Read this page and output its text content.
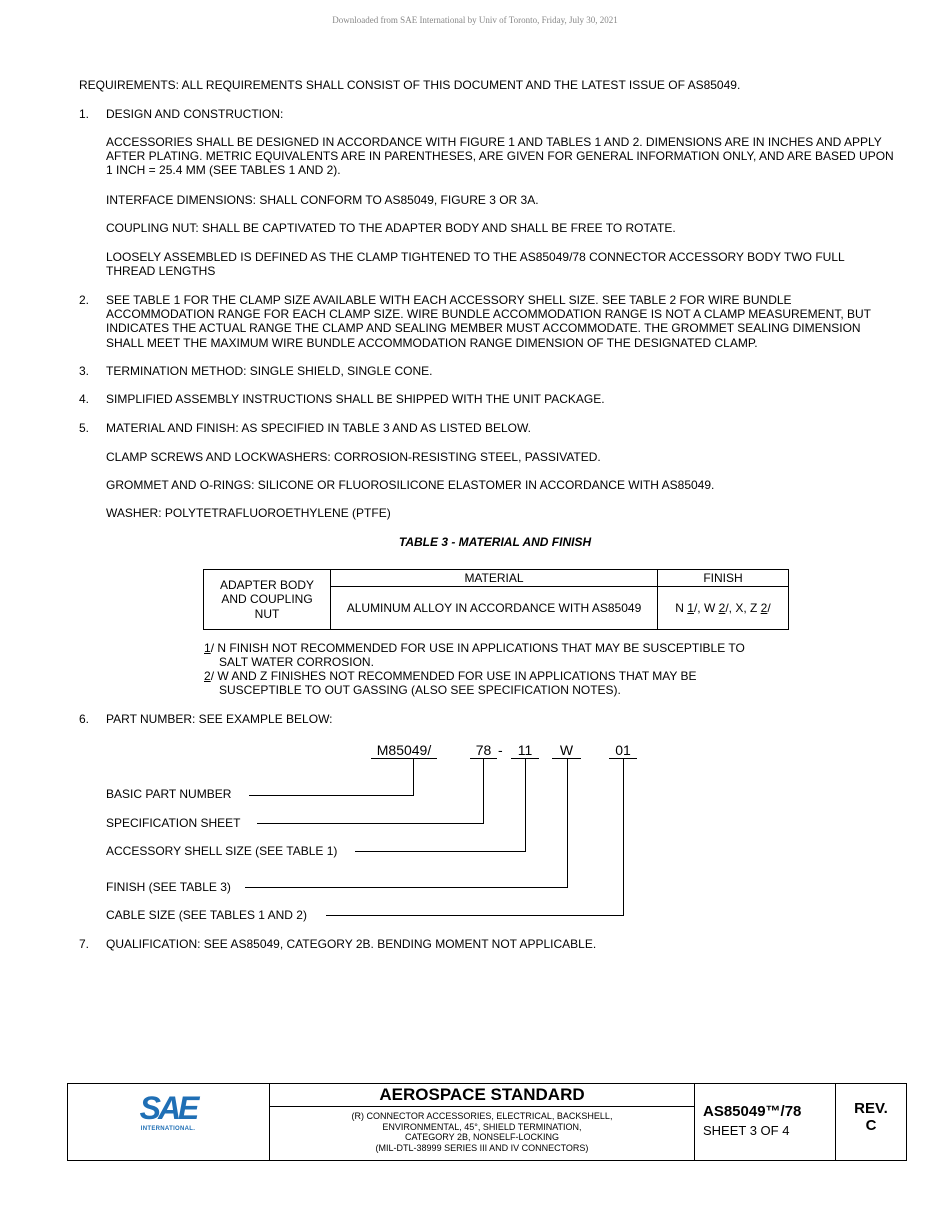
Downloaded from SAE International by Univ of Toronto, Friday, July 30, 2021
REQUIREMENTS: ALL REQUIREMENTS SHALL CONSIST OF THIS DOCUMENT AND THE LATEST ISSUE OF AS85049.
1. DESIGN AND CONSTRUCTION:
ACCESSORIES SHALL BE DESIGNED IN ACCORDANCE WITH FIGURE 1 AND TABLES 1 AND 2. DIMENSIONS ARE IN INCHES AND APPLY AFTER PLATING. METRIC EQUIVALENTS ARE IN PARENTHESES, ARE GIVEN FOR GENERAL INFORMATION ONLY, AND ARE BASED UPON 1 INCH = 25.4 MM (SEE TABLES 1 AND 2).
INTERFACE DIMENSIONS: SHALL CONFORM TO AS85049, FIGURE 3 OR 3A.
COUPLING NUT: SHALL BE CAPTIVATED TO THE ADAPTER BODY AND SHALL BE FREE TO ROTATE.
LOOSELY ASSEMBLED IS DEFINED AS THE CLAMP TIGHTENED TO THE AS85049/78 CONNECTOR ACCESSORY BODY TWO FULL THREAD LENGTHS
2. SEE TABLE 1 FOR THE CLAMP SIZE AVAILABLE WITH EACH ACCESSORY SHELL SIZE. SEE TABLE 2 FOR WIRE BUNDLE ACCOMMODATION RANGE FOR EACH CLAMP SIZE. WIRE BUNDLE ACCOMMODATION RANGE IS NOT A CLAMP MEASUREMENT, BUT INDICATES THE ACTUAL RANGE THE CLAMP AND SEALING MEMBER MUST ACCOMMODATE. THE GROMMET SEALING DIMENSION SHALL MEET THE MAXIMUM WIRE BUNDLE ACCOMMODATION RANGE DIMENSION OF THE DESIGNATED CLAMP.
3. TERMINATION METHOD: SINGLE SHIELD, SINGLE CONE.
4. SIMPLIFIED ASSEMBLY INSTRUCTIONS SHALL BE SHIPPED WITH THE UNIT PACKAGE.
5. MATERIAL AND FINISH: AS SPECIFIED IN TABLE 3 AND AS LISTED BELOW.
CLAMP SCREWS AND LOCKWASHERS: CORROSION-RESISTING STEEL, PASSIVATED.
GROMMET AND O-RINGS: SILICONE OR FLUOROSILICONE ELASTOMER IN ACCORDANCE WITH AS85049.
WASHER: POLYTETRAFLUOROETHYLENE (PTFE)
TABLE 3 - MATERIAL AND FINISH
ADAPTER BODY AND COUPLING NUT	MATERIAL	FINISH
	ALUMINUM ALLOY IN ACCORDANCE WITH AS85049	N 1/, W 2/, X, Z 2/
1/ N FINISH NOT RECOMMENDED FOR USE IN APPLICATIONS THAT MAY BE SUSCEPTIBLE TO
SALT WATER CORROSION.
2/ W AND Z FINISHES NOT RECOMMENDED FOR USE IN APPLICATIONS THAT MAY BE
SUSCEPTIBLE TO OUT GASSING (ALSO SEE SPECIFICATION NOTES).
6. PART NUMBER: SEE EXAMPLE BELOW:
M85049/	78 -	11	W	01
BASIC PART NUMBER
SPECIFICATION SHEET
ACCESSORY SHELL SIZE (SEE TABLE 1)
FINISH (SEE TABLE 3)
CABLE SIZE (SEE TABLES 1 AND 2)
7. QUALIFICATION: SEE AS85049, CATEGORY 2B. BENDING MOMENT NOT APPLICABLE.
SAE
INTERNATIONAL.
AEROSPACE STANDARD
(R) CONNECTOR ACCESSORIES, ELECTRICAL, BACKSHELL,
ENVIRONMENTAL, 45°, SHIELD TERMINATION,
CATEGORY 2B, NONSELF-LOCKING
(MIL-DTL-38999 SERIES III AND IV CONNECTORS)
AS85049™/78
SHEET 3 OF 4
REV.
C
